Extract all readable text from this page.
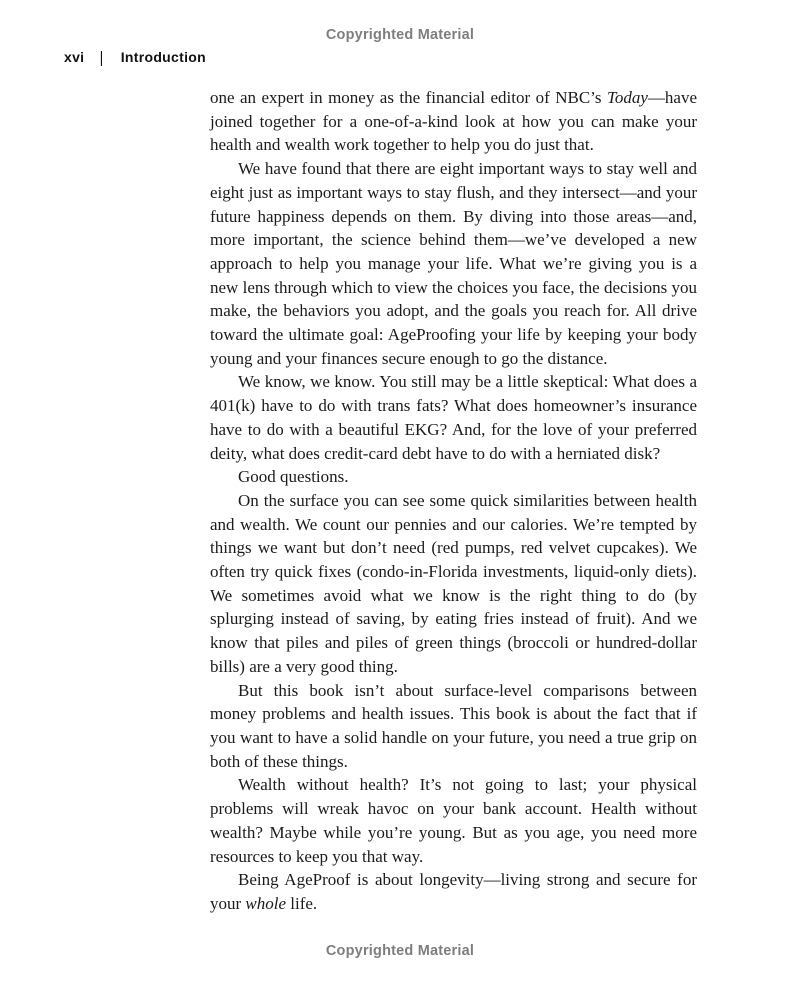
Copyrighted Material
xvi | Introduction

one an expert in money as the financial editor of NBC’s Today—have joined together for a one-of-a-kind look at how you can make your health and wealth work together to help you do just that.

We have found that there are eight important ways to stay well and eight just as important ways to stay flush, and they intersect—and your future happiness depends on them. By diving into those areas—and, more important, the science behind them—we’ve developed a new approach to help you manage your life. What we’re giving you is a new lens through which to view the choices you face, the decisions you make, the behaviors you adopt, and the goals you reach for. All drive toward the ultimate goal: AgeProofing your life by keeping your body young and your finances secure enough to go the distance.

We know, we know. You still may be a little skeptical: What does a 401(k) have to do with trans fats? What does homeowner’s insurance have to do with a beautiful EKG? And, for the love of your preferred deity, what does credit-card debt have to do with a herniated disk?

Good questions.

On the surface you can see some quick similarities between health and wealth. We count our pennies and our calories. We’re tempted by things we want but don’t need (red pumps, red velvet cupcakes). We often try quick fixes (condo-in-Florida investments, liquid-only diets). We sometimes avoid what we know is the right thing to do (by splurging instead of saving, by eating fries instead of fruit). And we know that piles and piles of green things (broccoli or hundred-dollar bills) are a very good thing.

But this book isn’t about surface-level comparisons between money problems and health issues. This book is about the fact that if you want to have a solid handle on your future, you need a true grip on both of these things.

Wealth without health? It’s not going to last; your physical problems will wreak havoc on your bank account. Health without wealth? Maybe while you’re young. But as you age, you need more resources to keep you that way.

Being AgeProof is about longevity—living strong and secure for your whole life.

Copyrighted Material
